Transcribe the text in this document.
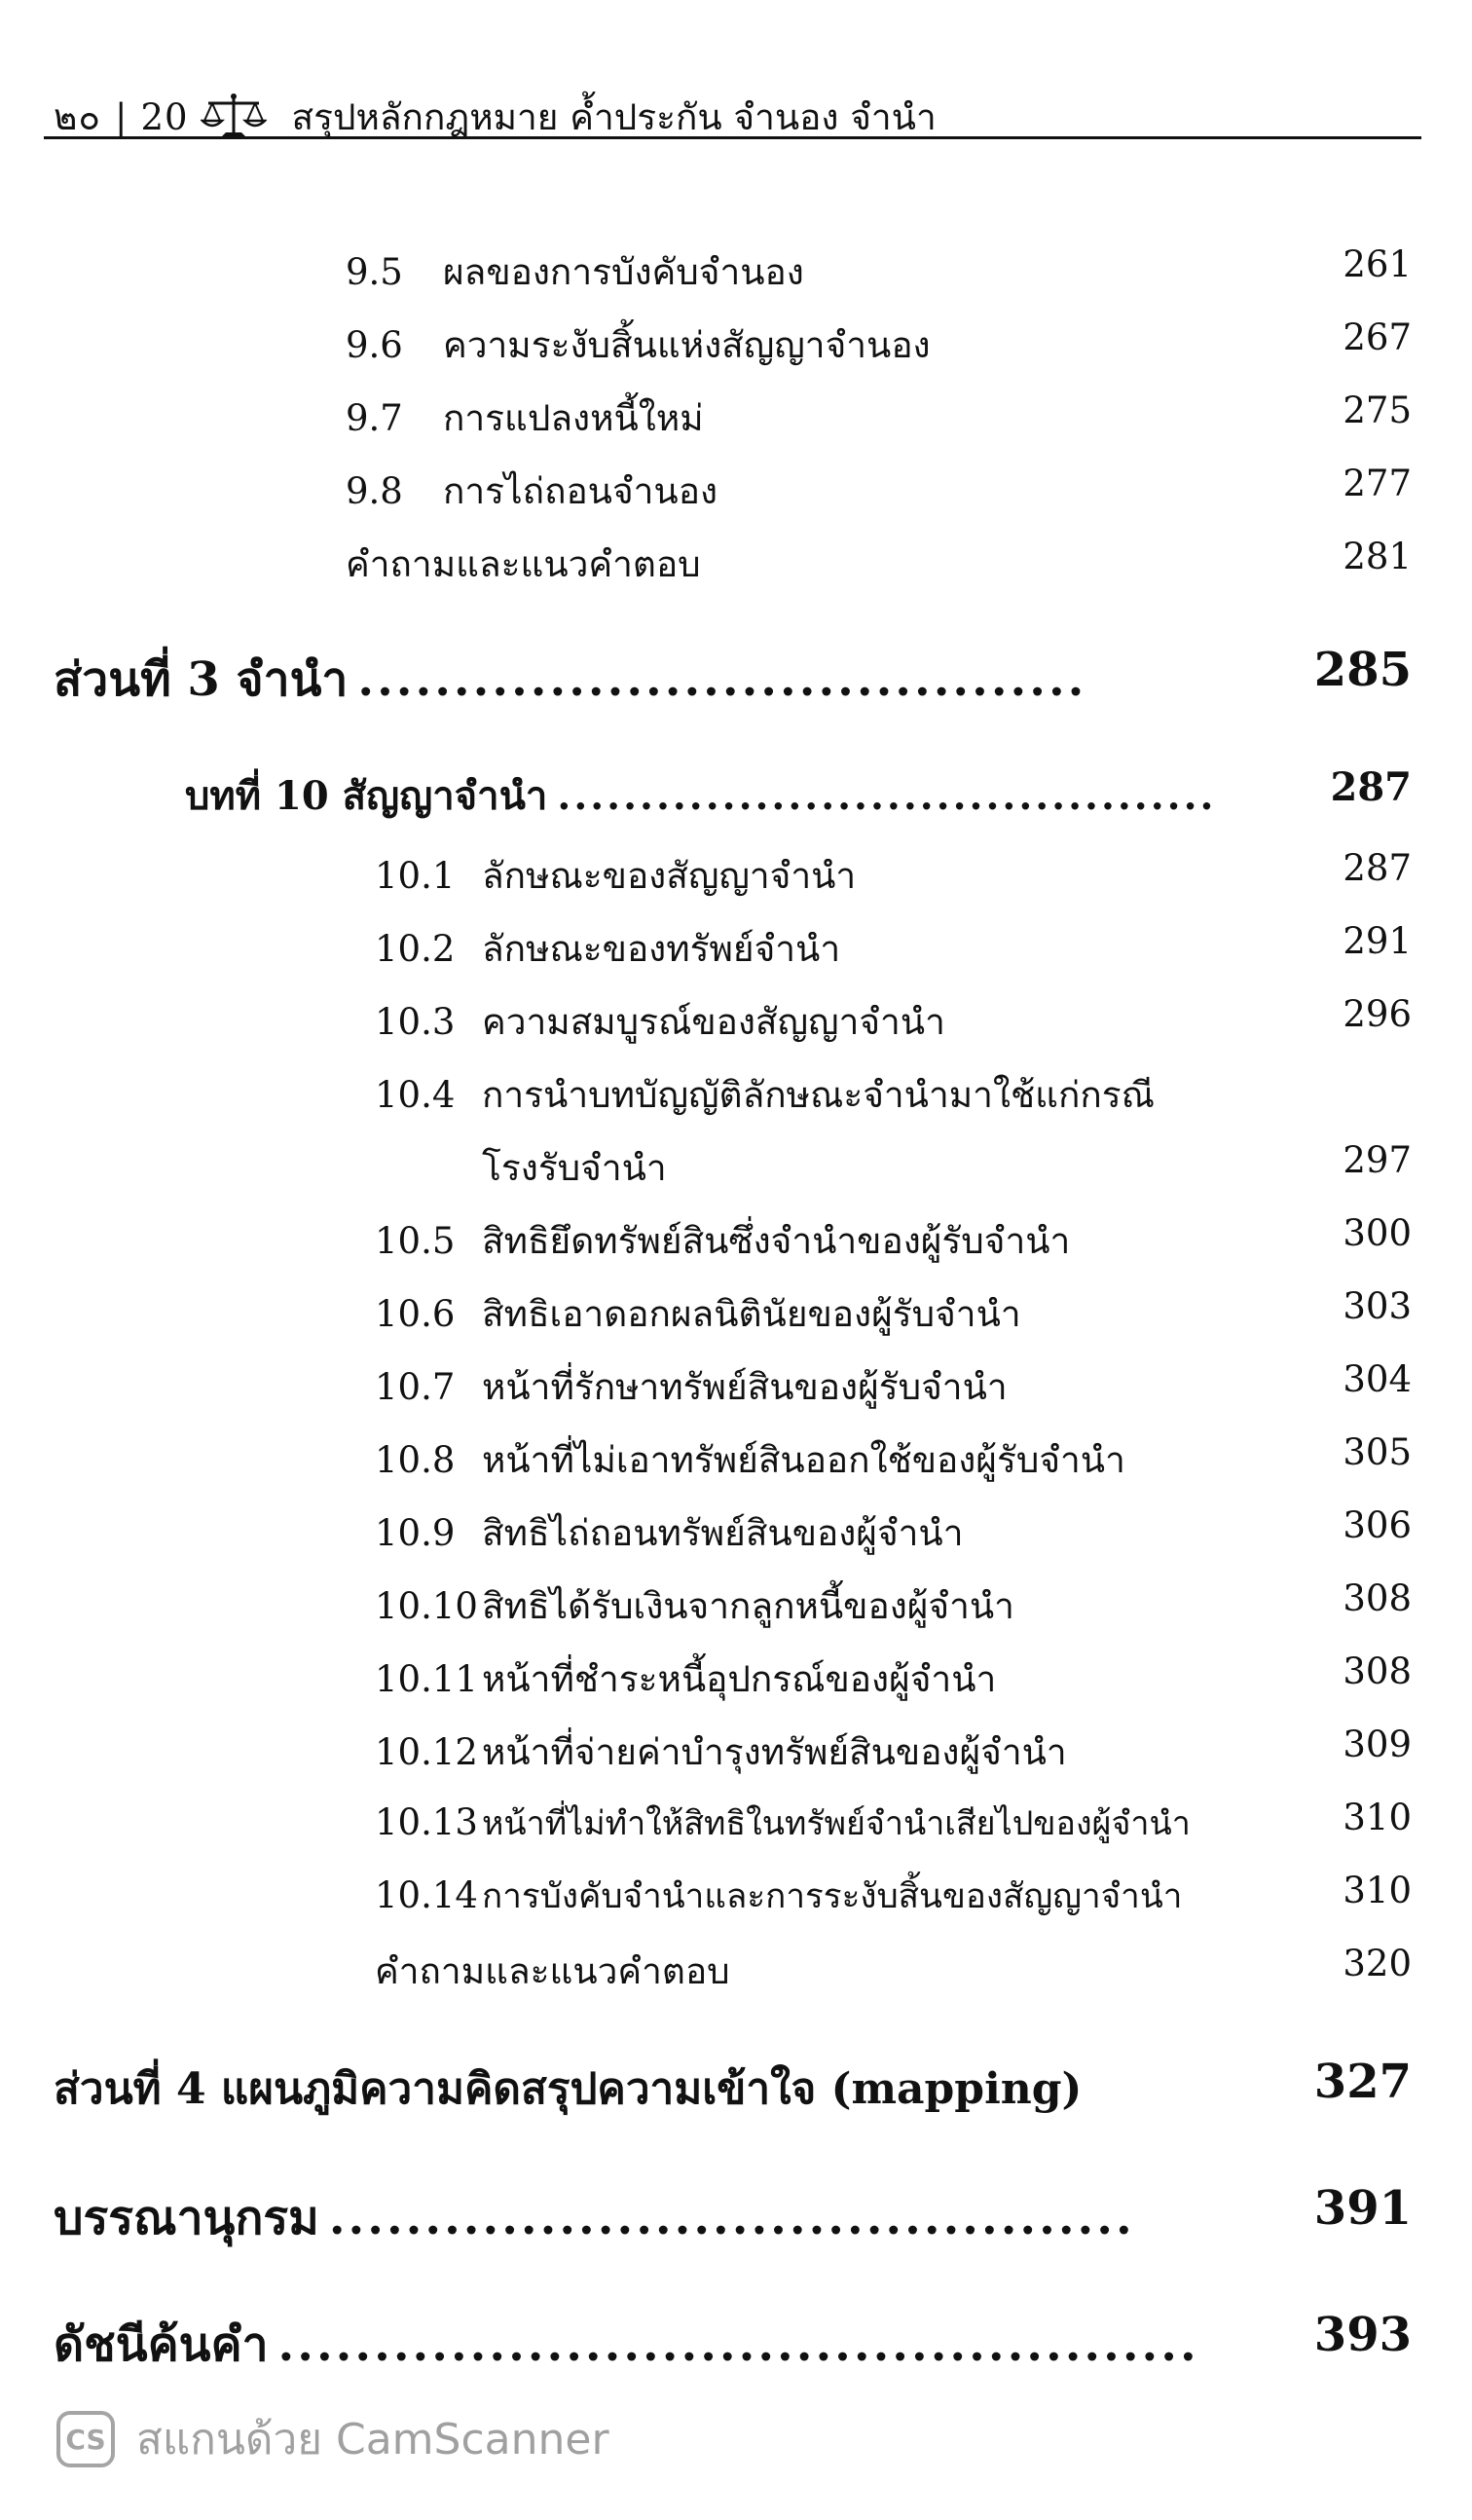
๒๐ | 20	สรุปหลักกฎหมาย ค้ำประกัน จำนอง จำนำ
9.5	ผลของการบังคับจำนอง	261
9.6	ความระงับสิ้นแห่งสัญญาจำนอง	267
9.7	การแปลงหนี้ใหม่	275
9.8	การไถ่ถอนจำนอง	277
คำถามและแนวคำตอบ	281
ส่วนที่ 3 จำนำ ......................................	285
บทที่ 10 สัญญาจำนำ ........................................	287
10.1 ลักษณะของสัญญาจำนำ	287
10.2 ลักษณะของทรัพย์จำนำ	291
10.3 ความสมบูรณ์ของสัญญาจำนำ	296
10.4 การนำบทบัญญัติลักษณะจำนำมาใช้แก่กรณี
โรงรับจำนำ	297
10.5 สิทธิยึดทรัพย์สินซึ่งจำนำของผู้รับจำนำ	300
10.6 สิทธิเอาดอกผลนิตินัยของผู้รับจำนำ	303
10.7 หน้าที่รักษาทรัพย์สินของผู้รับจำนำ	304
10.8 หน้าที่ไม่เอาทรัพย์สินออกใช้ของผู้รับจำนำ	305
10.9 สิทธิไถ่ถอนทรัพย์สินของผู้จำนำ	306
10.10 สิทธิได้รับเงินจากลูกหนี้ของผู้จำนำ	308
10.11 หน้าที่ชำระหนี้อุปกรณ์ของผู้จำนำ	308
10.12 หน้าที่จ่ายค่าบำรุงทรัพย์สินของผู้จำนำ	309
10.13 หน้าที่ไม่ทำให้สิทธิในทรัพย์จำนำเสียไปของผู้จำนำ	310
10.14 การบังคับจำนำและการระงับสิ้นของสัญญาจำนำ	310
คำถามและแนวคำตอบ	320
ส่วนที่ 4 แผนภูมิความคิดสรุปความเข้าใจ (mapping)	327
บรรณานุกรม ..........................................	391
ดัชนีค้นคำ ................................................	393
CS สแกนด้วย CamScanner
